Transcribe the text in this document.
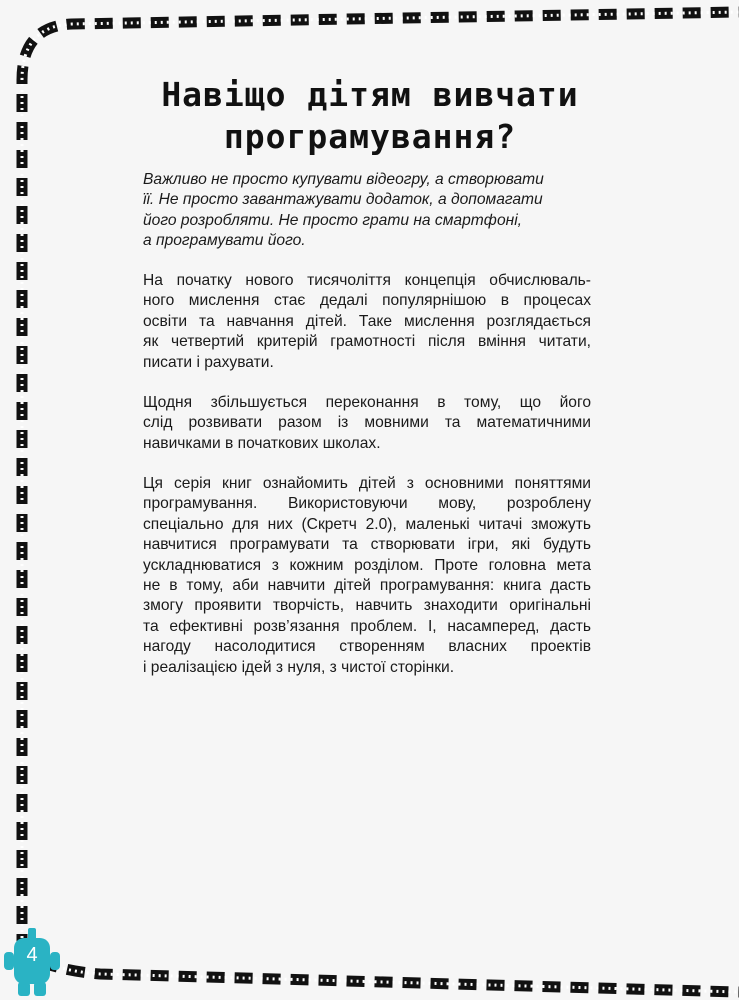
Навіщо дітям вивчати
програмування?
Важливо не просто купувати відеогру, а створювати
її. Не просто завантажувати додаток, а допомагати
його розробляти. Не просто грати на смартфоні,
а програмувати його.
На початку нового тисячоліття концепція обчислюваль-
ного мислення стає дедалі популярнішою в процесах
освіти та навчання дітей. Таке мислення розглядається
як четвертий критерій грамотності після вміння читати,
писати і рахувати.
Щодня збільшується переконання в тому, що його
слід розвивати разом із мовними та математичними
навичками в початкових школах.
Ця серія книг ознайомить дітей з основними поняттями
програмування. Використовуючи мову, розроблену
спеціально для них (Скретч 2.0), маленькі читачі зможуть
навчитися програмувати та створювати ігри, які будуть
ускладнюватися з кожним розділом. Проте головна мета
не в тому, аби навчити дітей програмування: книга дасть
змогу проявити творчість, навчить знаходити оригінальні
та ефективні розв’язання проблем. І, насамперед, дасть
нагоду насолодитися створенням власних проектів
і реалізацією ідей з нуля, з чистої сторінки.
4
